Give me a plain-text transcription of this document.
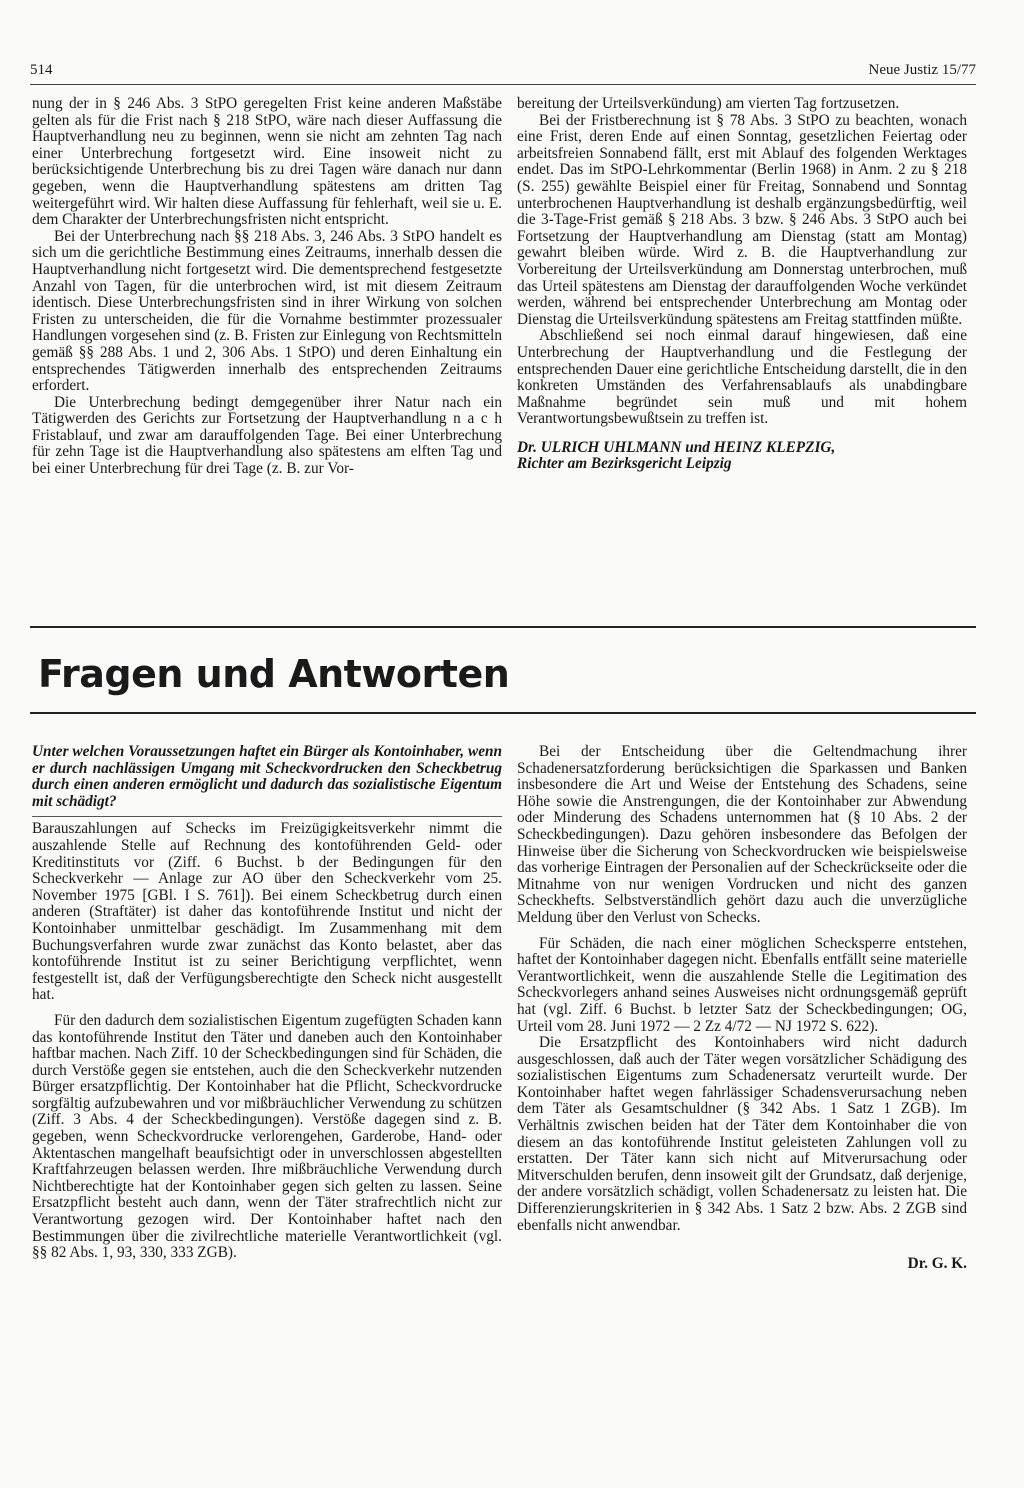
514	Neue Justiz 15/77

nung der in § 246 Abs. 3 StPO geregelten Frist keine anderen Maßstäbe gelten als für die Frist nach § 218 StPO, wäre nach dieser Auffassung die Hauptverhandlung neu zu beginnen, wenn sie nicht am zehnten Tag nach einer Unterbrechung fortgesetzt wird. Eine insoweit nicht zu berücksichtigende Unterbrechung bis zu drei Tagen wäre danach nur dann gegeben, wenn die Hauptverhandlung spätestens am dritten Tag weitergeführt wird. Wir halten diese Auffassung für fehlerhaft, weil sie u. E. dem Charakter der Unterbrechungsfristen nicht entspricht.

Bei der Unterbrechung nach §§ 218 Abs. 3, 246 Abs. 3 StPO handelt es sich um die gerichtliche Bestimmung eines Zeitraums, innerhalb dessen die Hauptverhandlung nicht fortgesetzt wird. Die dementsprechend festgesetzte Anzahl von Tagen, für die unterbrochen wird, ist mit diesem Zeitraum identisch. Diese Unterbrechungsfristen sind in ihrer Wirkung von solchen Fristen zu unterscheiden, die für die Vornahme bestimmter prozessualer Handlungen vorgesehen sind (z. B. Fristen zur Einlegung von Rechtsmitteln gemäß §§ 288 Abs. 1 und 2, 306 Abs. 1 StPO) und deren Einhaltung ein entsprechendes Tätigwerden innerhalb des entsprechenden Zeitraums erfordert.

Die Unterbrechung bedingt demgegenüber ihrer Natur nach ein Tätigwerden des Gerichts zur Fortsetzung der Hauptverhandlung n a c h Fristablauf, und zwar am darauffolgenden Tage. Bei einer Unterbrechung für zehn Tage ist die Hauptverhandlung also spätestens am elften Tag und bei einer Unterbrechung für drei Tage (z. B. zur Vor-

bereitung der Urteilsverkündung) am vierten Tag fortzusetzen.

Bei der Fristberechnung ist § 78 Abs. 3 StPO zu beachten, wonach eine Frist, deren Ende auf einen Sonntag, gesetzlichen Feiertag oder arbeitsfreien Sonnabend fällt, erst mit Ablauf des folgenden Werktages endet. Das im StPO-Lehrkommentar (Berlin 1968) in Anm. 2 zu § 218 (S. 255) gewählte Beispiel einer für Freitag, Sonnabend und Sonntag unterbrochenen Hauptverhandlung ist deshalb ergänzungsbedürftig, weil die 3-Tage-Frist gemäß § 218 Abs. 3 bzw. § 246 Abs. 3 StPO auch bei Fortsetzung der Hauptverhandlung am Dienstag (statt am Montag) gewahrt bleiben würde. Wird z. B. die Hauptverhandlung zur Vorbereitung der Urteilsverkündung am Donnerstag unterbrochen, muß das Urteil spätestens am Dienstag der darauffolgenden Woche verkündet werden, während bei entsprechender Unterbrechung am Montag oder Dienstag die Urteilsverkündung spätestens am Freitag stattfinden müßte.

Abschließend sei noch einmal darauf hingewiesen, daß eine Unterbrechung der Hauptverhandlung und die Festlegung der entsprechenden Dauer eine gerichtliche Entscheidung darstellt, die in den konkreten Umständen des Verfahrensablaufs als unabdingbare Maßnahme begründet sein muß und mit hohem Verantwortungsbewußtsein zu treffen ist.

Dr. ULRICH UHLMANN und HEINZ KLEPZIG,

Richter am Bezirksgericht Leipzig

Fragen und Antworten

Unter welchen Voraussetzungen haftet ein Bürger als Kontoinhaber, wenn er durch nachlässigen Umgang mit Scheckvordrucken den Scheckbetrug durch einen anderen ermöglicht und dadurch das sozialistische Eigentum mit schädigt?

Barauszahlungen auf Schecks im Freizügigkeitsverkehr nimmt die auszahlende Stelle auf Rechnung des kontoführenden Geld- oder Kreditinstituts vor (Ziff. 6 Buchst. b der Bedingungen für den Scheckverkehr — Anlage zur AO über den Scheckverkehr vom 25. November 1975 [GBl. I S. 761]). Bei einem Scheckbetrug durch einen anderen (Straftäter) ist daher das kontoführende Institut und nicht der Kontoinhaber unmittelbar geschädigt. Im Zusammenhang mit dem Buchungsverfahren wurde zwar zunächst das Konto belastet, aber das kontoführende Institut ist zu seiner Berichtigung verpflichtet, wenn festgestellt ist, daß der Verfügungsberechtigte den Scheck nicht ausgestellt hat.

Für den dadurch dem sozialistischen Eigentum zugefügten Schaden kann das kontoführende Institut den Täter und daneben auch den Kontoinhaber haftbar machen. Nach Ziff. 10 der Scheckbedingungen sind für Schäden, die durch Verstöße gegen sie entstehen, auch die den Scheckverkehr nutzenden Bürger ersatzpflichtig. Der Kontoinhaber hat die Pflicht, Scheckvordrucke sorgfältig aufzubewahren und vor mißbräuchlicher Verwendung zu schützen (Ziff. 3 Abs. 4 der Scheckbedingungen). Verstöße dagegen sind z. B. gegeben, wenn Scheckvordrucke verlorengehen, Garderobe, Hand- oder Aktentaschen mangelhaft beaufsichtigt oder in unverschlossen abgestellten Kraftfahrzeugen belassen werden. Ihre mißbräuchliche Verwendung durch Nichtberechtigte hat der Kontoinhaber gegen sich gelten zu lassen. Seine Ersatzpflicht besteht auch dann, wenn der Täter strafrechtlich nicht zur Verantwortung gezogen wird. Der Kontoinhaber haftet nach den Bestimmungen über die zivilrechtliche materielle Verantwortlichkeit (vgl. §§ 82 Abs. 1, 93, 330, 333 ZGB).

Bei der Entscheidung über die Geltendmachung ihrer Schadenersatzforderung berücksichtigen die Sparkassen und Banken insbesondere die Art und Weise der Entstehung des Schadens, seine Höhe sowie die Anstrengungen, die der Kontoinhaber zur Abwendung oder Minderung des Schadens unternommen hat (§ 10 Abs. 2 der Scheckbedingungen). Dazu gehören insbesondere das Befolgen der Hinweise über die Sicherung von Scheckvordrucken wie beispielsweise das vorherige Eintragen der Personalien auf der Scheckrückseite oder die Mitnahme von nur wenigen Vordrucken und nicht des ganzen Scheckhefts. Selbstverständlich gehört dazu auch die unverzügliche Meldung über den Verlust von Schecks.

Für Schäden, die nach einer möglichen Schecksperre entstehen, haftet der Kontoinhaber dagegen nicht. Ebenfalls entfällt seine materielle Verantwortlichkeit, wenn die auszahlende Stelle die Legitimation des Scheckvorlegers anhand seines Ausweises nicht ordnungsgemäß geprüft hat (vgl. Ziff. 6 Buchst. b letzter Satz der Scheckbedingungen; OG, Urteil vom 28. Juni 1972 — 2 Zz 4/72 — NJ 1972 S. 622).

Die Ersatzpflicht des Kontoinhabers wird nicht dadurch ausgeschlossen, daß auch der Täter wegen vorsätzlicher Schädigung des sozialistischen Eigentums zum Schadenersatz verurteilt wurde. Der Kontoinhaber haftet wegen fahrlässiger Schadensverursachung neben dem Täter als Gesamtschuldner (§ 342 Abs. 1 Satz 1 ZGB). Im Verhältnis zwischen beiden hat der Täter dem Kontoinhaber die von diesem an das kontoführende Institut geleisteten Zahlungen voll zu erstatten. Der Täter kann sich nicht auf Mitverursachung oder Mitverschulden berufen, denn insoweit gilt der Grundsatz, daß derjenige, der andere vorsätzlich schädigt, vollen Schadenersatz zu leisten hat. Die Differenzierungskriterien in § 342 Abs. 1 Satz 2 bzw. Abs. 2 ZGB sind ebenfalls nicht anwendbar.

Dr. G. K.
